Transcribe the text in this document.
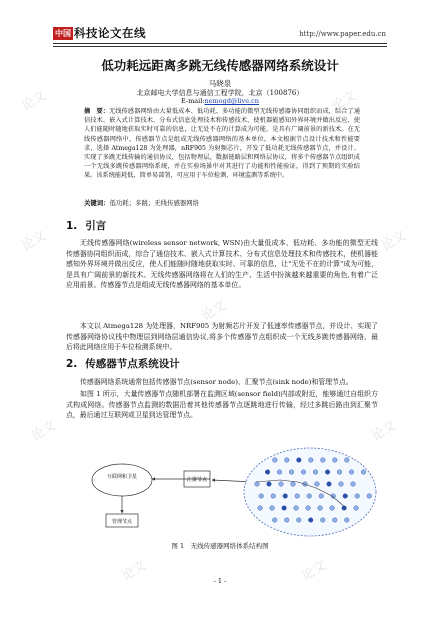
论文	论文
论文
论文
论文
论文	论文
论文	论文
论文
中国 科技论文在线	http://www.paper.edu.cn
低功耗远距离多跳无线传感器网络系统设计
马晓泉
北京邮电大学信息与通信工程学院，北京（100876）
E-mail:nemogd@live.cn
摘　要：无线传感器网络由大量低成本、低功耗、多功能的微型无线传感器协同组织而成，综合了通信技术、嵌入式计算技术、分布式信息处理技术和传感技术，使机器能感知外界环境并做出反应，使人们能随时随地获取实时可靠的信息，让无处不在的计算成为可能，是具有广阔前景的新技术。在无线传感器网络中，传感器节点是组成无线传感器网络的基本单位。本文根据节点设计技术和性能要求，选择 Atmega128 为处理器，nRF905 为射频芯片，开发了低功耗无线传感器节点，并设计、实现了多跳无线传输的通信协议，包括物理层、数据链路层和网络层协议，将多个传感器节点组织成一个无线多跳传感器网络系统，并在实验场景中对其进行了功能和性能验证，得到了预期的实验结果。该系统能耗低，简单易部署，可应用于车位检测、环境监测等系统中。
关键词：低功耗；多跳；无线传感器网络
1. 引言
无线传感器网络(wireless sensor network, WSN)由大量低成本、低功耗、多功能的微型无线传感器协同组织而成，综合了通信技术、嵌入式计算技术、分布式信息处理技术和传感技术，使机器能感知外界环境并做出反应，使人们能随时随地获取实时、可靠的信息，让"无处不在的计算"成为可能，是具有广阔前景的新技术。无线传感器网络将在人们的生产、生活中扮演越来越重要的角色,有着广泛应用前景。传感器节点是组成无线传感器网络的基本单位。
本文以 Atmega128 为处理器，NRF905 为射频芯片开发了低速率传感器节点，并设计、实现了传感器网络协议栈中物理层到网络层通信协议,将多个传感器节点组织成一个无线多跳传感器网络，最后将此网络应用于车位检测系统中。
2. 传感器节点系统设计
传感器网络系统通常包括传感器节点(sensor node)、汇聚节点(sink node)和管理节点。
如图 1 所示，大量传感器节点随机部署在监测区域(sensor field)内部或附近，能够通过自组织方式构成网络。传感器节点监测的数据沿着其他传感器节点逐跳地进行传输，经过多跳后路由到汇聚节点，最后通过互联网或卫星到达管理节点。
互联网和卫星	汇聚节点
管理节点
图 1　无线传感器网络体系结构图
- 1 -
